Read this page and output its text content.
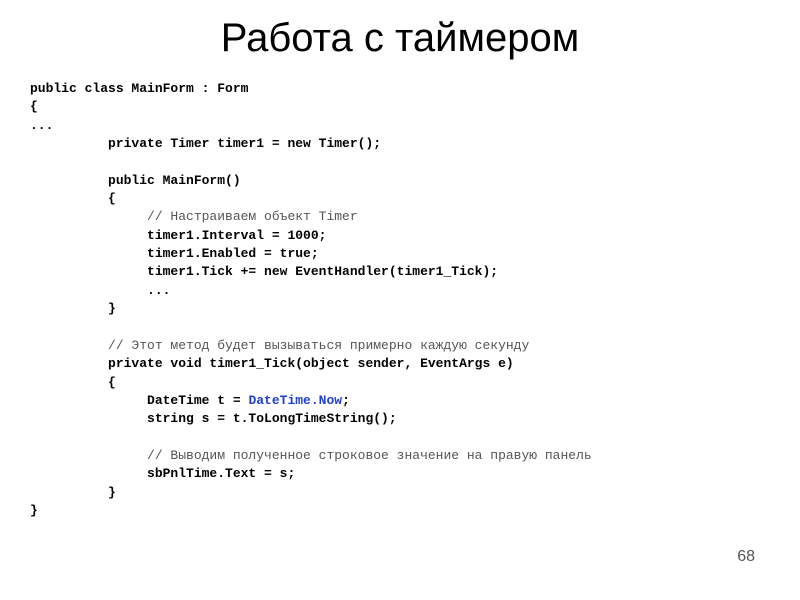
Работа с таймером
public class MainForm : Form
{
...
private Timer timer1 = new Timer();
public MainForm()
{
// Настраиваем объект Timer
timer1.Interval = 1000;
timer1.Enabled = true;
timer1.Tick += new EventHandler(timer1_Tick);
...
}
// Этот метод будет вызываться примерно каждую секунду
private void timer1_Tick(object sender, EventArgs e)
{
DateTime t = DateTime.Now;
string s = t.ToLongTimeString();
// Выводим полученное строковое значение на правую панель
sbPnlTime.Text = s;
}
}
68
